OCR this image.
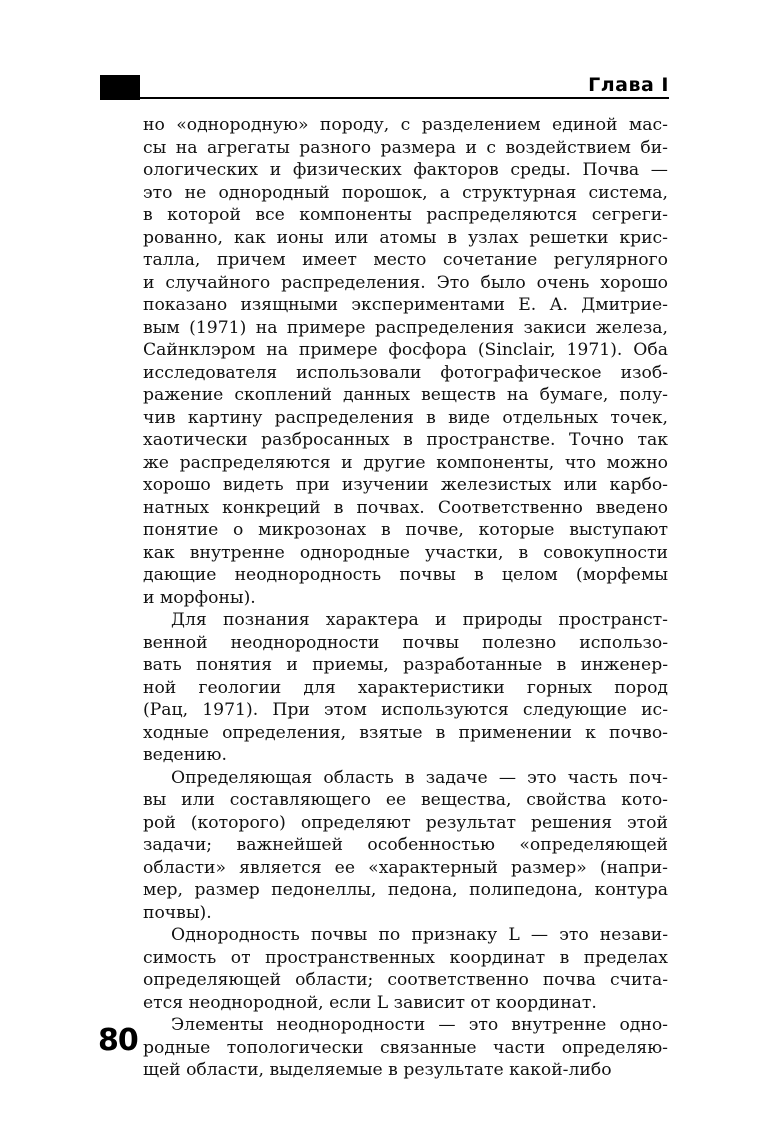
Глава I

но «однородную» породу, с разделением единой мас-
сы на агрегаты разного размера и с воздействием би-
ологических и физических факторов среды. Почва —
это не однородный порошок, а структурная система,
в которой все компоненты распределяются сегреги-
рованно, как ионы или атомы в узлах решетки крис-
талла, причем имеет место сочетание регулярного
и случайного распределения. Это было очень хорошо
показано изящными экспериментами Е. А. Дмитрие-
вым (1971) на примере распределения закиси железа,
Сайнклэром на примере фосфора (Sinclair, 1971). Оба
исследователя использовали фотографическое изоб-
ражение скоплений данных веществ на бумаге, полу-
чив картину распределения в виде отдельных точек,
хаотически разбросанных в пространстве. Точно так
же распределяются и другие компоненты, что можно
хорошо видеть при изучении железистых или карбо-
натных конкреций в почвах. Соответственно введено
понятие о микрозонах в почве, которые выступают
как внутренне однородные участки, в совокупности
дающие неоднородность почвы в целом (морфемы
и морфоны).

Для познания характера и природы пространст-
венной неоднородности почвы полезно использо-
вать понятия и приемы, разработанные в инженер-
ной геологии для характеристики горных пород
(Рац, 1971). При этом используются следующие ис-
ходные определения, взятые в применении к почво-
ведению.

Определяющая область в задаче — это часть поч-
вы или составляющего ее вещества, свойства кото-
рой (которого) определяют результат решения этой
задачи; важнейшей особенностью «определяющей
области» является ее «характерный размер» (напри-
мер, размер педонеллы, педона, полипедона, контура
почвы).

Однородность почвы по признаку L — это незави-
симость от пространственных координат в пределах
определяющей области; соответственно почва счита-
ется неоднородной, если L зависит от координат.

Элементы неоднородности — это внутренне одно-
родные топологически связанные части определяю-
щей области, выделяемые в результате какой-либо

80
